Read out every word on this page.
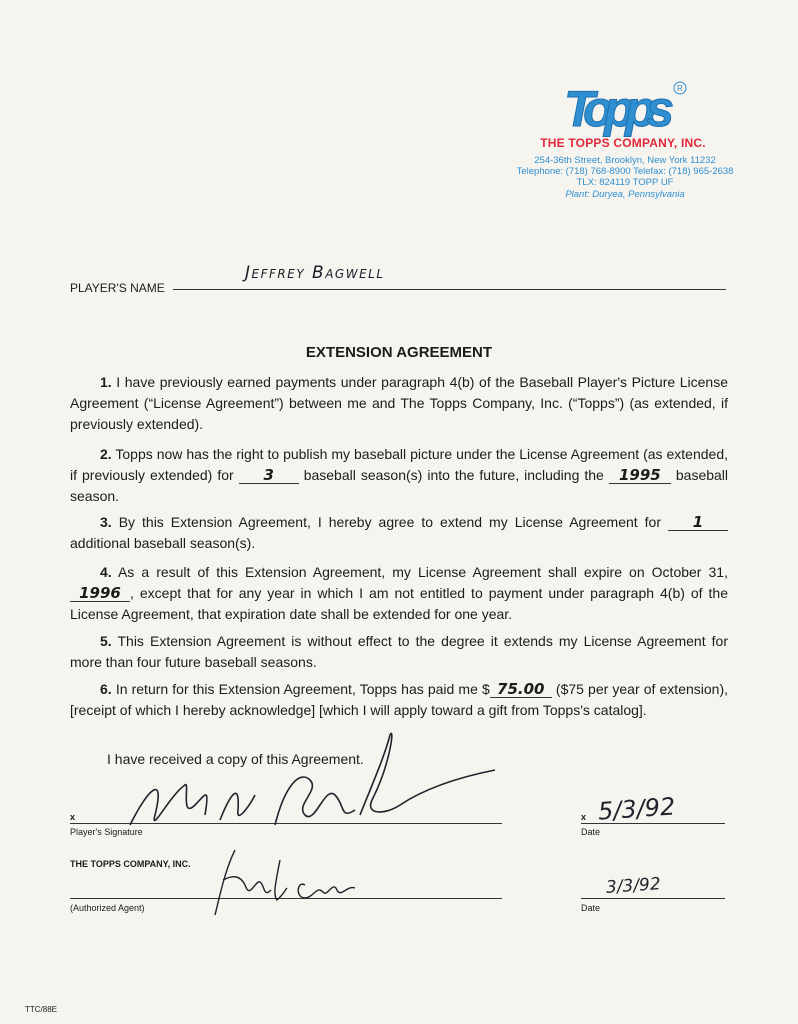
Topps R
THE TOPPS COMPANY, INC.
254-36th Street, Brooklyn, New York 11232
Telephone: (718) 768-8900 Telefax: (718) 965-2638
TLX: 824119 TOPP UF
Plant: Duryea, Pennsylvania
PLAYER'S NAME
Jeffrey Bagwell
EXTENSION AGREEMENT
1. I have previously earned payments under paragraph 4(b) of the Baseball Player's Picture License Agreement (“License Agreement”) between me and The Topps Company, Inc. (“Topps”) (as extended, if previously extended).
2. Topps now has the right to publish my baseball picture under the License Agreement (as extended, if previously extended) for 3 baseball season(s) into the future, including the 1995 baseball season.
3. By this Extension Agreement, I hereby agree to extend my License Agreement for 1 additional baseball season(s).
4. As a result of this Extension Agreement, my License Agreement shall expire on October 31, 1996 , except that for any year in which I am not entitled to payment under paragraph 4(b) of the License Agreement, that expiration date shall be extended for one year.
5. This Extension Agreement is without effect to the degree it extends my License Agreement for more than four future baseball seasons.
6. In return for this Extension Agreement, Topps has paid me $ 75.00 ($75 per year of extension), [receipt of which I hereby acknowledge] [which I will apply toward a gift from Topps's catalog].
I have received a copy of this Agreement.
x
Player's Signature
x
Date
5/3/92
THE TOPPS COMPANY, INC.
(Authorized Agent)	Date
3/3/92
TTC/88E
